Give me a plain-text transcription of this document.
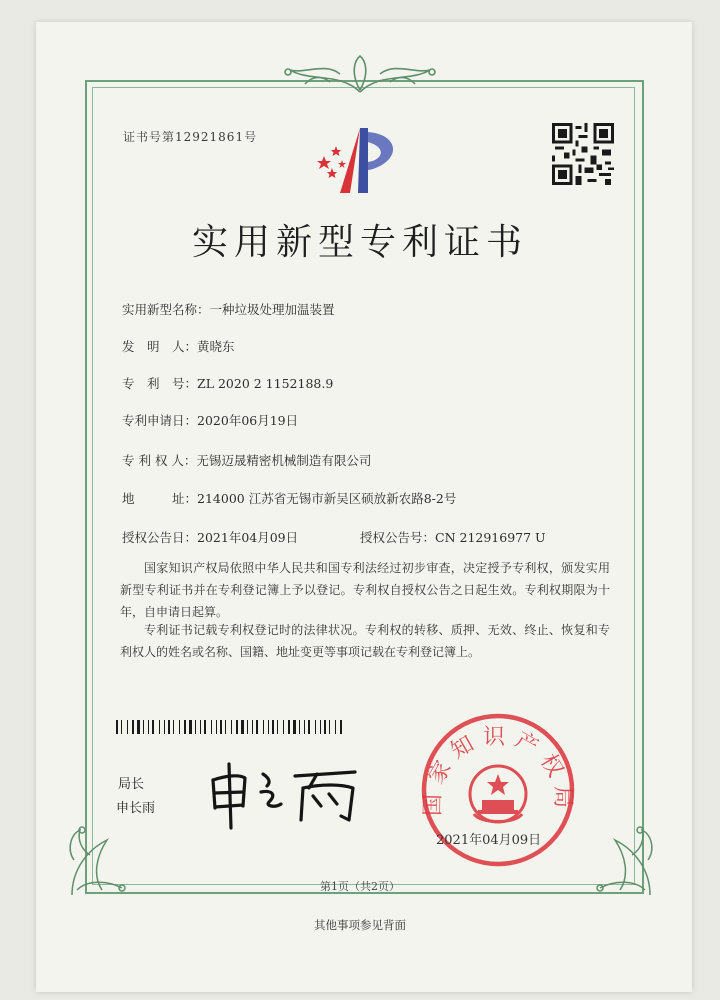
证书号第12921861号
实用新型专利证书
实用新型名称：一种垃圾处理加温装置
发　明　人：黄晓东
专　利　号：ZL 2020 2 1152188.9
专利申请日：2020年06月19日
专 利 权 人：无锡迈晟精密机械制造有限公司
地　　　址：214000 江苏省无锡市新吴区硕放新农路8-2号
授权公告日：2021年04月09日	授权公告号：CN 212916977 U
国家知识产权局依照中华人民共和国专利法经过初步审查，决定授予专利权，颁发实用新型专利证书并在专利登记簿上予以登记。专利权自授权公告之日起生效。专利权期限为十年，自申请日起算。
专利证书记载专利权登记时的法律状况。专利权的转移、质押、无效、终止、恢复和专利权人的姓名或名称、国籍、地址变更等事项记载在专利登记簿上。
局长
申长雨	国家知识产权局
2021年04月09日
第1页（共2页）
其他事项参见背面
